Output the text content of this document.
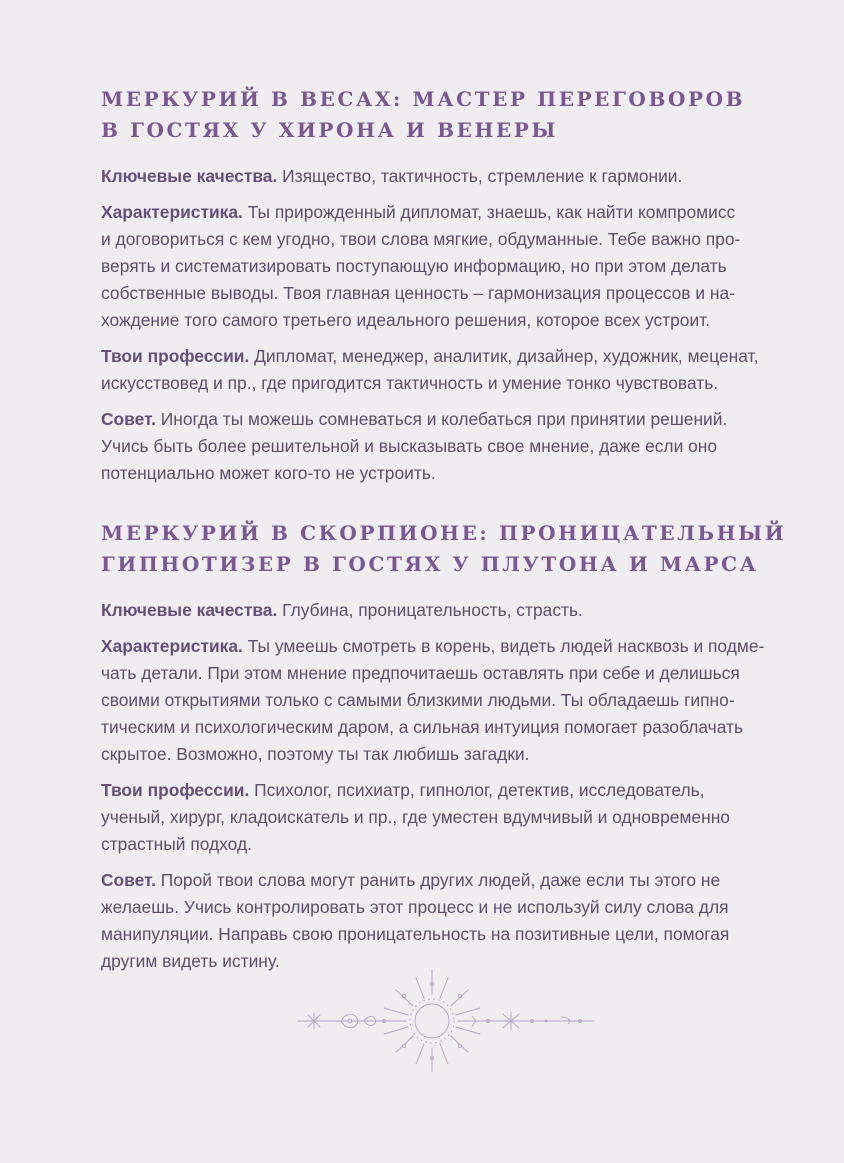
МЕРКУРИЙ В ВЕСАХ: МАСТЕР ПЕРЕГОВОРОВ
В ГОСТЯХ У ХИРОНА И ВЕНЕРЫ

Ключевые качества. Изящество, тактичность, стремление к гармонии.

Характеристика. Ты прирожденный дипломат, знаешь, как найти компромисс
и договориться с кем угодно, твои слова мягкие, обдуманные. Тебе важно про-
верять и систематизировать поступающую информацию, но при этом делать
собственные выводы. Твоя главная ценность – гармонизация процессов и на-
хождение того самого третьего идеального решения, которое всех устроит.

Твои профессии. Дипломат, менеджер, аналитик, дизайнер, художник, меценат,
искусствовед и пр., где пригодится тактичность и умение тонко чувствовать.

Совет. Иногда ты можешь сомневаться и колебаться при принятии решений.
Учись быть более решительной и высказывать свое мнение, даже если оно
потенциально может кого-то не устроить.

МЕРКУРИЙ В СКОРПИОНЕ: ПРОНИЦАТЕЛЬНЫЙ
ГИПНОТИЗЕР В ГОСТЯХ У ПЛУТОНА И МАРСА

Ключевые качества. Глубина, проницательность, страсть.

Характеристика. Ты умеешь смотреть в корень, видеть людей насквозь и подме-
чать детали. При этом мнение предпочитаешь оставлять при себе и делишься
своими открытиями только с самыми близкими людьми. Ты обладаешь гипно-
тическим и психологическим даром, а сильная интуиция помогает разоблачать
скрытое. Возможно, поэтому ты так любишь загадки.

Твои профессии. Психолог, психиатр, гипнолог, детектив, исследователь,
ученый, хирург, кладоискатель и пр., где уместен вдумчивый и одновременно
страстный подход.

Совет. Порой твои слова могут ранить других людей, даже если ты этого не
желаешь. Учись контролировать этот процесс и не используй силу слова для
манипуляции. Направь свою проницательность на позитивные цели, помогая
другим видеть истину.
